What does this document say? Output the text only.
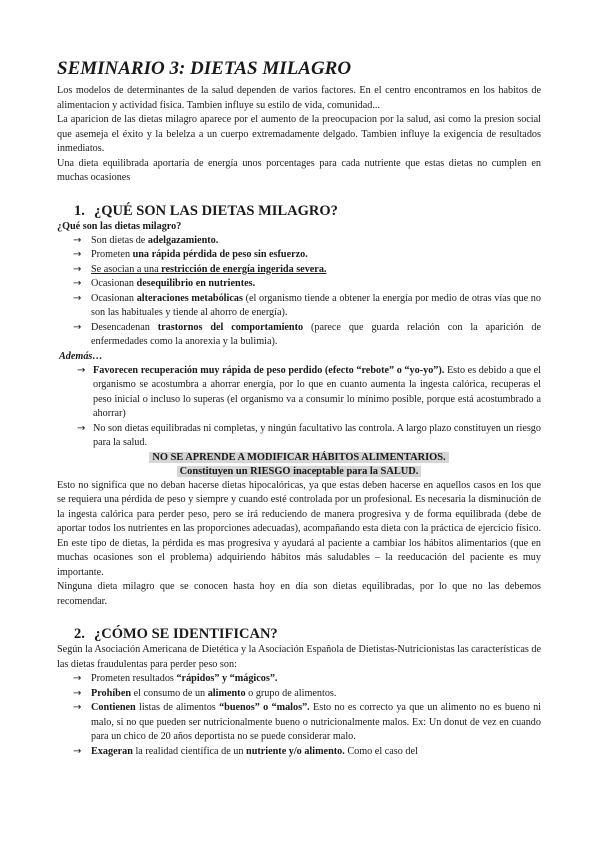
SEMINARIO 3: DIETAS MILAGRO

Los modelos de determinantes de la salud dependen de varios factores. En el centro encontramos en los habitos de alimentacion y actividad fisica. Tambien influye su estilo de vida, comunidad...

La aparicion de las dietas milagro aparece por el aumento de la preocupacion por la salud, asi como la presion social que asemeja el éxito y la belelza a un cuerpo extremadamente delgado. Tambien influye la exigencia de resultados inmediatos.

Una dieta equilibrada aportaría de energía unos porcentages para cada nutriente que estas dietas no cumplen en muchas ocasiones

1. ¿QUÉ SON LAS DIETAS MILAGRO?
¿Qué son las dietas milagro?
→ Son dietas de adelgazamiento.
→ Prometen una rápida pérdida de peso sin esfuerzo.
→ Se asocian a una restricción de energía ingerida severa.
→ Ocasionan desequilibrio en nutrientes.
→ Ocasionan alteraciones metabólicas (el organismo tiende a obtener la energía por medio de otras vías que no son las habituales y tiende al ahorro de energía).
→ Desencadenan trastornos del comportamiento (parece que guarda relación con la aparición de enfermedades como la anorexia y la bulimia).
Además…
→ Favorecen recuperación muy rápida de peso perdido (efecto “rebote” o “yo-yo”). Esto es debido a que el organismo se acostumbra a ahorrar energía, por lo que en cuanto aumenta la ingesta calórica, recuperas el peso inicial o incluso lo superas (el organismo va a consumir lo mínimo posible, porque está acostumbrado a ahorrar)
→ No son dietas equilibradas ni completas, y ningún facultativo las controla. A largo plazo constituyen un riesgo para la salud.
NO SE APRENDE A MODIFICAR HÁBITOS ALIMENTARIOS.
Constituyen un RIESGO inaceptable para la SALUD.

Esto no significa que no deban hacerse dietas hipocalóricas, ya que estas deben hacerse en aquellos casos en los que se requiera una pérdida de peso y siempre y cuando esté controlada por un profesional. Es necesaria la disminución de la ingesta calórica para perder peso, pero se irá reduciendo de manera progresiva y de forma equilibrada (debe de aportar todos los nutrientes en las proporciones adecuadas), acompañando esta dieta con la práctica de ejercicio físico. En este tipo de dietas, la pérdida es mas progresiva y ayudará al paciente a cambiar los hábitos alimentarios (que en muchas ocasiones son el problema) adquiriendo hábitos más saludables – la reeducación del paciente es muy importante.

Ninguna dieta milagro que se conocen hasta hoy en día son dietas equilibradas, por lo que no las debemos recomendar.

2. ¿CÓMO SE IDENTIFICAN?

Según la Asociación Americana de Dietética y la Asociación Española de Dietistas-Nutricionistas las características de las dietas fraudulentas para perder peso son:

→ Prometen resultados “rápidos” y “mágicos”.
→ Prohíben el consumo de un alimento o grupo de alimentos.
→ Contienen listas de alimentos “buenos” o “malos”. Esto no es correcto ya que un alimento no es bueno ni malo, si no que pueden ser nutricionalmente bueno o nutricionalmente malos. Ex: Un donut de vez en cuando para un chico de 20 años deportista no se puede considerar malo.
→ Exageran la realidad científica de un nutriente y/o alimento. Como el caso del
